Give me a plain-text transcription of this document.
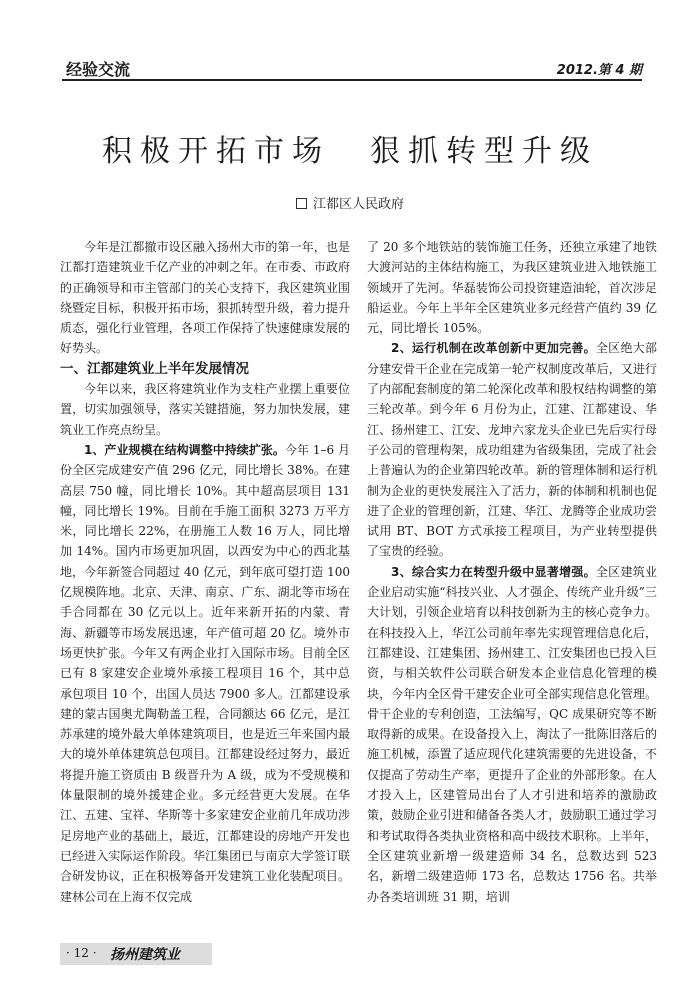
经验交流	2012.第 4 期
积极开拓市场 狠抓转型升级
江都区人民政府

今年是江都撤市设区融入扬州大市的第一年，也是江都打造建筑业千亿产业的冲刺之年。在市委、市政府的正确领导和市主管部门的关心支持下，我区建筑业围绕暨定目标，积极开拓市场，狠抓转型升级，着力提升质态，强化行业管理，各项工作保持了快速健康发展的好势头。

一、江都建筑业上半年发展情况

今年以来，我区将建筑业作为支柱产业摆上重要位置，切实加强领导，落实关键措施，努力加快发展，建筑业工作亮点纷呈。

1、产业规模在结构调整中持续扩张。今年 1–6 月份全区完成建安产值 296 亿元，同比增长 38%。在建高层 750 幢，同比增长 10%。其中超高层项目 131 幢，同比增长 19%。目前在手施工面积 3273 万平方米，同比增长 22%，在册施工人数 16 万人，同比增加 14%。国内市场更加巩固，以西安为中心的西北基地，今年新签合同超过 40 亿元，到年底可望打造 100 亿规模阵地。北京、天津、南京、广东、湖北等市场在手合同都在 30 亿元以上。近年来新开拓的内蒙、青海、新疆等市场发展迅速，年产值可超 20 亿。境外市场更快扩张。今年又有两企业打入国际市场。目前全区已有 8 家建安企业境外承接工程项目 16 个，其中总承包项目 10 个，出国人员达 7900 多人。江都建设承建的蒙古国奥尤陶勒盖工程，合同额达 66 亿元，是江苏承建的境外最大单体建筑项目，也是近三年来国内最大的境外单体建筑总包项目。江都建设经过努力，最近将提升施工资质由 B 级晋升为 A 级，成为不受规模和体量限制的境外援建企业。多元经营更大发展。在华江、五建、宝祥、华斯等十多家建安企业前几年成功涉足房地产业的基础上，最近，江都建设的房地产开发也已经进入实际运作阶段。华江集团已与南京大学签订联合研发协议，正在积极筹备开发建筑工业化装配项目。建林公司在上海不仅完成

了 20 多个地铁站的装饰施工任务，还独立承建了地铁大渡河站的主体结构施工，为我区建筑业进入地铁施工领域开了先河。华磊装饰公司投资建造油轮，首次涉足船运业。今年上半年全区建筑业多元经营产值约 39 亿元，同比增长 105%。

2、运行机制在改革创新中更加完善。全区绝大部分建安骨干企业在完成第一轮产权制度改革后，又进行了内部配套制度的第二轮深化改革和股权结构调整的第三轮改革。到今年 6 月份为止，江建、江都建设、华江、扬州建工、江安、龙坤六家龙头企业已先后实行母子公司的管理构架，成功组建为省级集团，完成了社会上普遍认为的企业第四轮改革。新的管理体制和运行机制为企业的更快发展注入了活力，新的体制和机制也促进了企业的管理创新，江建、华江、龙腾等企业成功尝试用 BT、BOT 方式承接工程项目，为产业转型提供了宝贵的经验。

3、综合实力在转型升级中显著增强。全区建筑业企业启动实施“科技兴业、人才强企、传统产业升级”三大计划，引领企业培育以科技创新为主的核心竞争力。在科技投入上，华江公司前年率先实现管理信息化后，江都建设、江建集团、扬州建工、江安集团也已投入巨资，与相关软件公司联合研发本企业信息化管理的模块，今年内全区骨干建安企业可全部实现信息化管理。骨干企业的专利创造，工法编写，QC 成果研究等不断取得新的成果。在设备投入上，淘汰了一批陈旧落后的施工机械，添置了适应现代化建筑需要的先进设备，不仅提高了劳动生产率，更提升了企业的外部形象。在人才投入上，区建管局出台了人才引进和培养的激励政策，鼓励企业引进和储备各类人才，鼓励职工通过学习和考试取得各类执业资格和高中级技术职称。上半年，全区建筑业新增一级建造师 34 名，总数达到 523 名，新增二级建造师 173 名，总数达 1756 名。共举办各类培训班 31 期，培训

· 12 · 扬州建筑业
